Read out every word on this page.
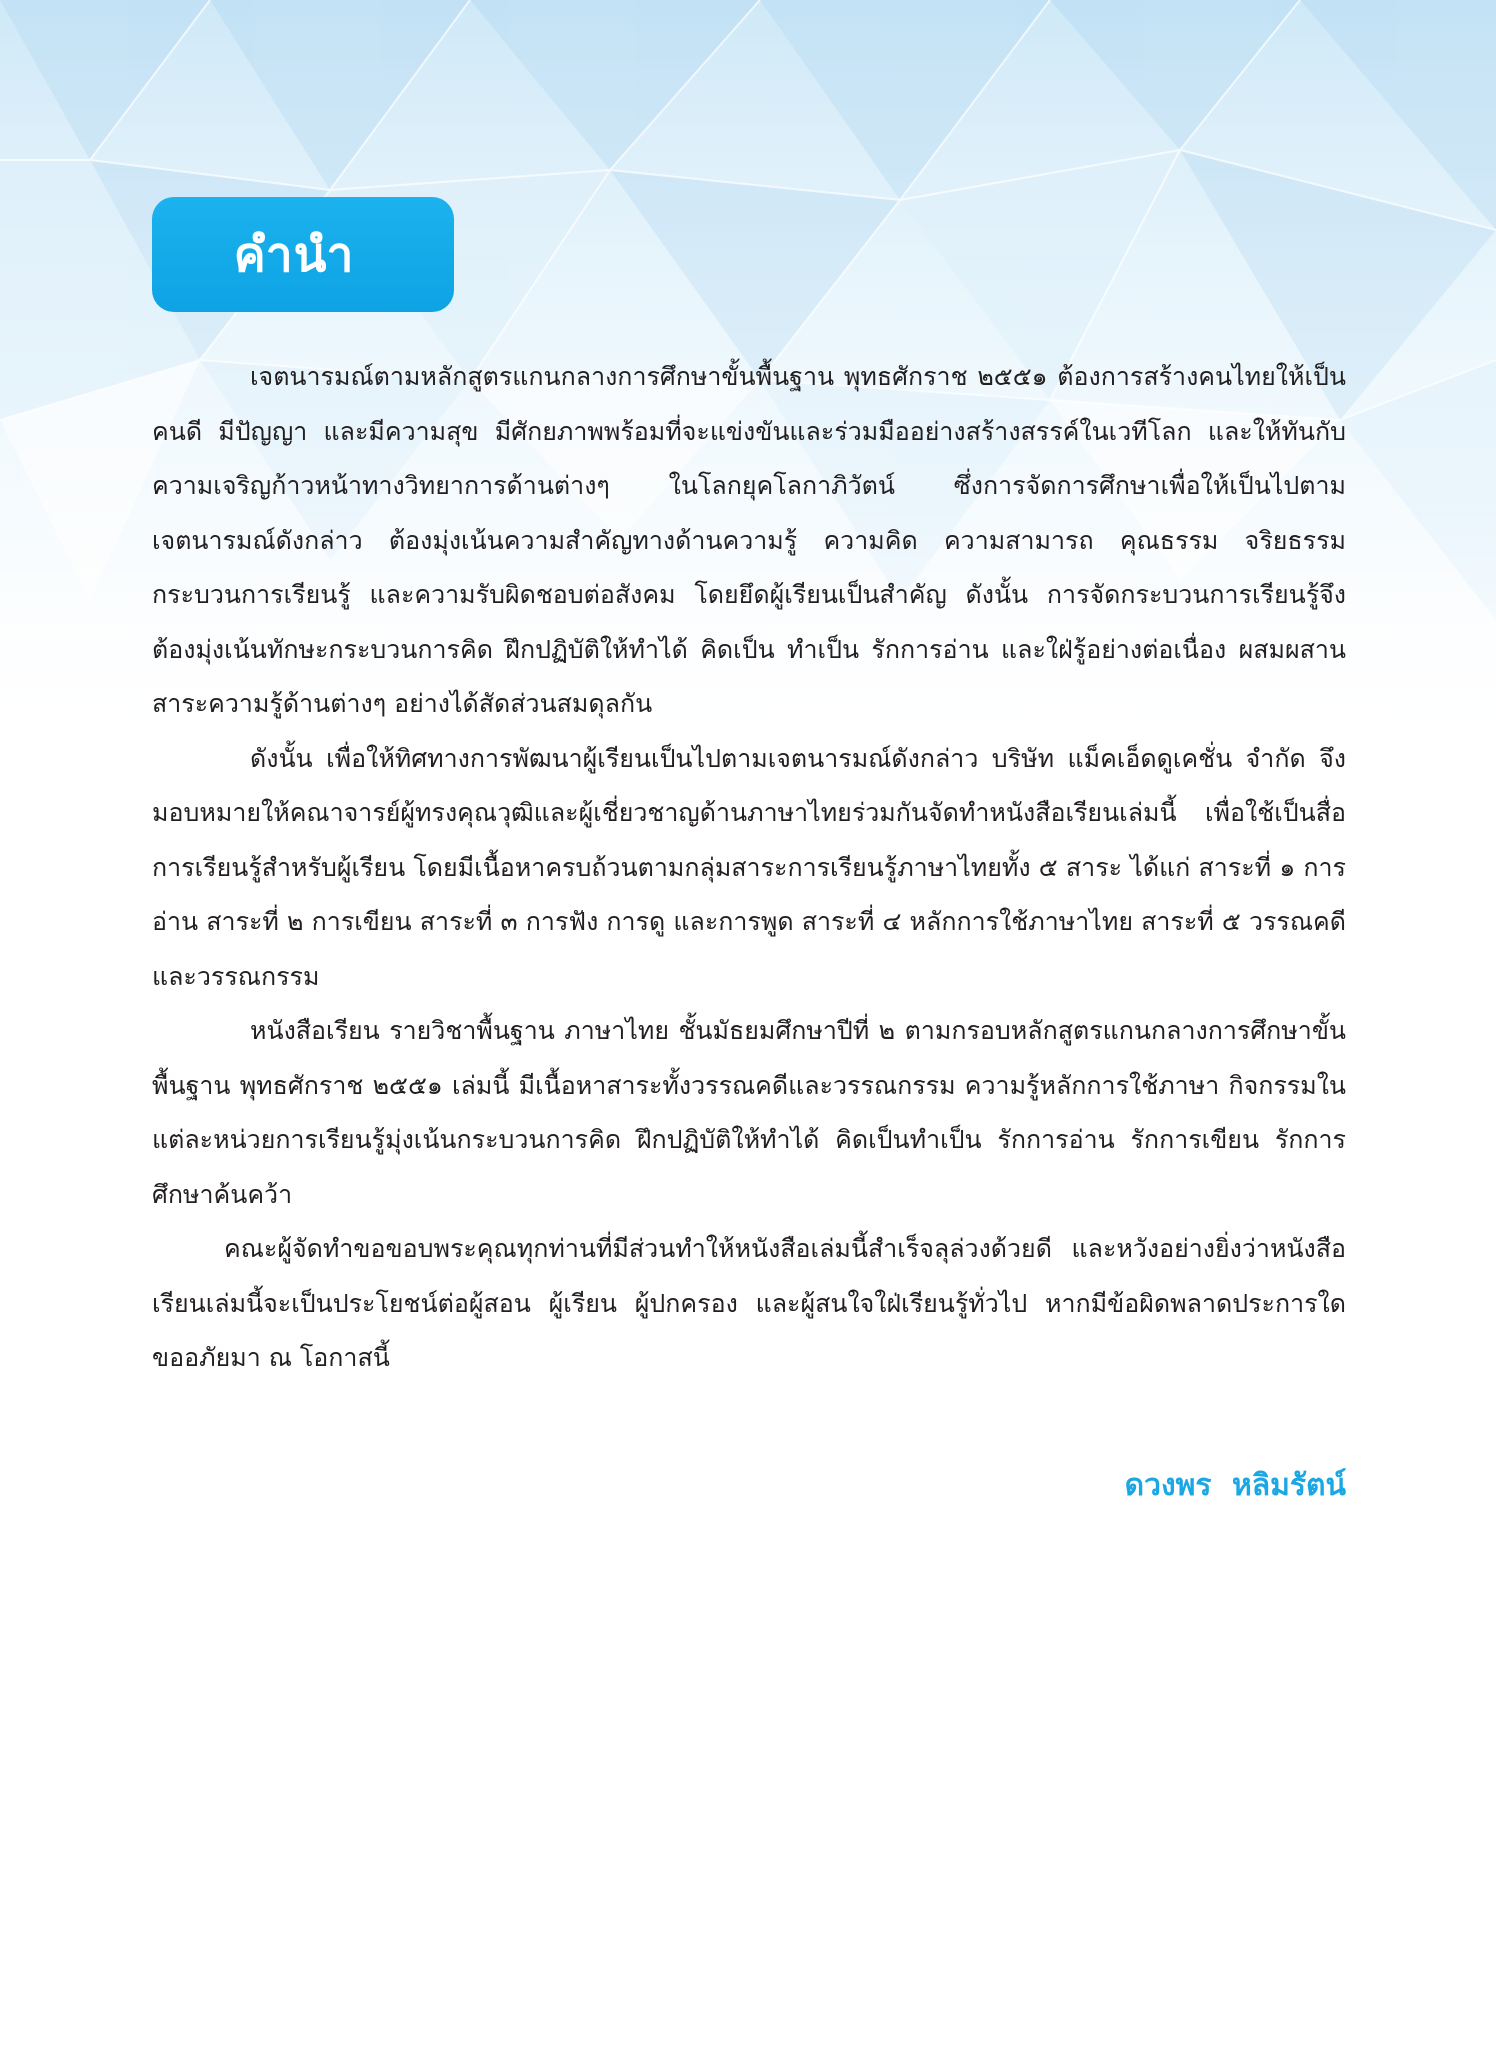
คำนำ

เจตนารมณ์ตามหลักสูตรแกนกลางการศึกษาขั้นพื้นฐาน พุทธศักราช ๒๕๕๑ ต้องการสร้างคนไทยให้เป็นคนดี มีปัญญา และมีความสุข มีศักยภาพพร้อมที่จะแข่งขันและร่วมมืออย่างสร้างสรรค์ในเวทีโลก และให้ทันกับความเจริญก้าวหน้าทางวิทยาการด้านต่างๆ ในโลกยุคโลกาภิวัตน์ ซึ่งการจัดการศึกษาเพื่อให้เป็นไปตามเจตนารมณ์ดังกล่าว ต้องมุ่งเน้นความสำคัญทางด้านความรู้ ความคิด ความสามารถ คุณธรรม จริยธรรม กระบวนการเรียนรู้ และความรับผิดชอบต่อสังคม โดยยึดผู้เรียนเป็นสำคัญ ดังนั้น การจัดกระบวนการเรียนรู้จึงต้องมุ่งเน้นทักษะกระบวนการคิด ฝึกปฏิบัติให้ทำได้ คิดเป็น ทำเป็น รักการอ่าน และใฝ่รู้อย่างต่อเนื่อง ผสมผสานสาระความรู้ด้านต่างๆ อย่างได้สัดส่วนสมดุลกัน

ดังนั้น เพื่อให้ทิศทางการพัฒนาผู้เรียนเป็นไปตามเจตนารมณ์ดังกล่าว บริษัท แม็คเอ็ดดูเคชั่น จำกัด จึงมอบหมายให้คณาจารย์ผู้ทรงคุณวุฒิและผู้เชี่ยวชาญด้านภาษาไทยร่วมกันจัดทำหนังสือเรียนเล่มนี้ เพื่อใช้เป็นสื่อการเรียนรู้สำหรับผู้เรียน โดยมีเนื้อหาครบถ้วนตามกลุ่มสาระการเรียนรู้ภาษาไทยทั้ง ๕ สาระ ได้แก่ สาระที่ ๑ การอ่าน สาระที่ ๒ การเขียน สาระที่ ๓ การฟัง การดู และการพูด สาระที่ ๔ หลักการใช้ภาษาไทย สาระที่ ๕ วรรณคดีและวรรณกรรม

หนังสือเรียน รายวิชาพื้นฐาน ภาษาไทย ชั้นมัธยมศึกษาปีที่ ๒ ตามกรอบหลักสูตรแกนกลางการศึกษาขั้นพื้นฐาน พุทธศักราช ๒๕๕๑ เล่มนี้ มีเนื้อหาสาระทั้งวรรณคดีและวรรณกรรม ความรู้หลักการใช้ภาษา กิจกรรมในแต่ละหน่วยการเรียนรู้มุ่งเน้นกระบวนการคิด ฝึกปฏิบัติให้ทำได้ คิดเป็นทำเป็น รักการอ่าน รักการเขียน รักการศึกษาค้นคว้า

คณะผู้จัดทำขอขอบพระคุณทุกท่านที่มีส่วนทำให้หนังสือเล่มนี้สำเร็จลุล่วงด้วยดี และหวังอย่างยิ่งว่าหนังสือเรียนเล่มนี้จะเป็นประโยชน์ต่อผู้สอน ผู้เรียน ผู้ปกครอง และผู้สนใจใฝ่เรียนรู้ทั่วไป หากมีข้อผิดพลาดประการใดขออภัยมา ณ โอกาสนี้

ดวงพร หลิมรัตน์
